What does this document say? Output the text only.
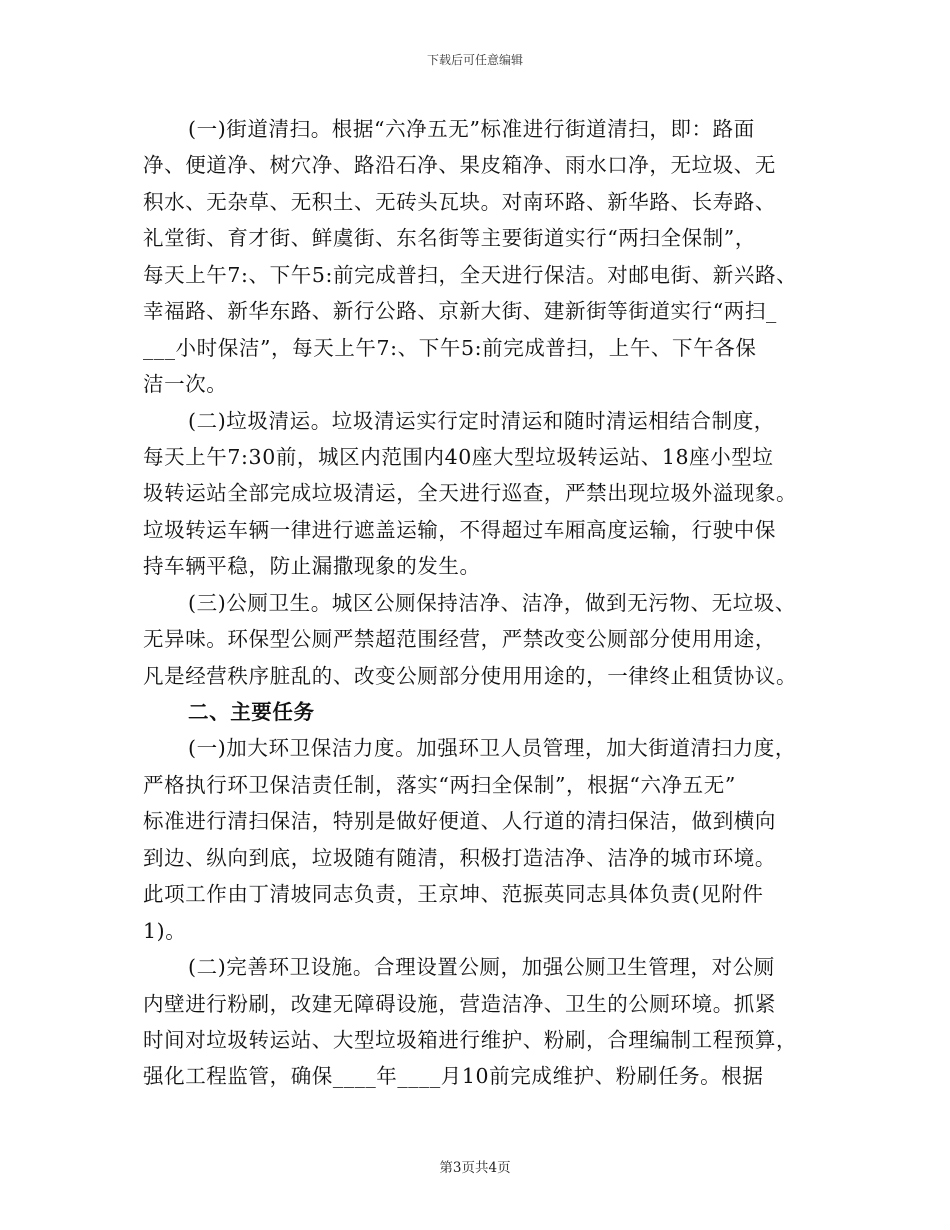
下载后可任意编辑
(一)街道清扫。根据“六净五无”标准进行街道清扫，即：路面
净、便道净、树穴净、路沿石净、果皮箱净、雨水口净，无垃圾、无
积水、无杂草、无积土、无砖头瓦块。对南环路、新华路、长寿路、
礼堂街、育才街、鲜虞街、东名街等主要街道实行“两扫全保制”，
每天上午7:、下午5:前完成普扫，全天进行保洁。对邮电街、新兴路、
幸福路、新华东路、新行公路、京新大街、建新街等街道实行“两扫_
___小时保洁”，每天上午7:、下午5:前完成普扫，上午、下午各保
洁一次。
(二)垃圾清运。垃圾清运实行定时清运和随时清运相结合制度，
每天上午7:30前，城区内范围内40座大型垃圾转运站、18座小型垃
圾转运站全部完成垃圾清运，全天进行巡查，严禁出现垃圾外溢现象。
垃圾转运车辆一律进行遮盖运输，不得超过车厢高度运输，行驶中保
持车辆平稳，防止漏撒现象的发生。
(三)公厕卫生。城区公厕保持洁净、洁净，做到无污物、无垃圾、
无异味。环保型公厕严禁超范围经营，严禁改变公厕部分使用用途，
凡是经营秩序脏乱的、改变公厕部分使用用途的，一律终止租赁协议。
二、主要任务
(一)加大环卫保洁力度。加强环卫人员管理，加大街道清扫力度，
严格执行环卫保洁责任制，落实“两扫全保制”，根据“六净五无”
标准进行清扫保洁，特别是做好便道、人行道的清扫保洁，做到横向
到边、纵向到底，垃圾随有随清，积极打造洁净、洁净的城市环境。
此项工作由丁清坡同志负责，王京坤、范振英同志具体负责(见附件
1)。
(二)完善环卫设施。合理设置公厕，加强公厕卫生管理，对公厕
内壁进行粉刷，改建无障碍设施，营造洁净、卫生的公厕环境。抓紧
时间对垃圾转运站、大型垃圾箱进行维护、粉刷，合理编制工程预算，
强化工程监管，确保____年____月10前完成维护、粉刷任务。根据
第3页共4页
